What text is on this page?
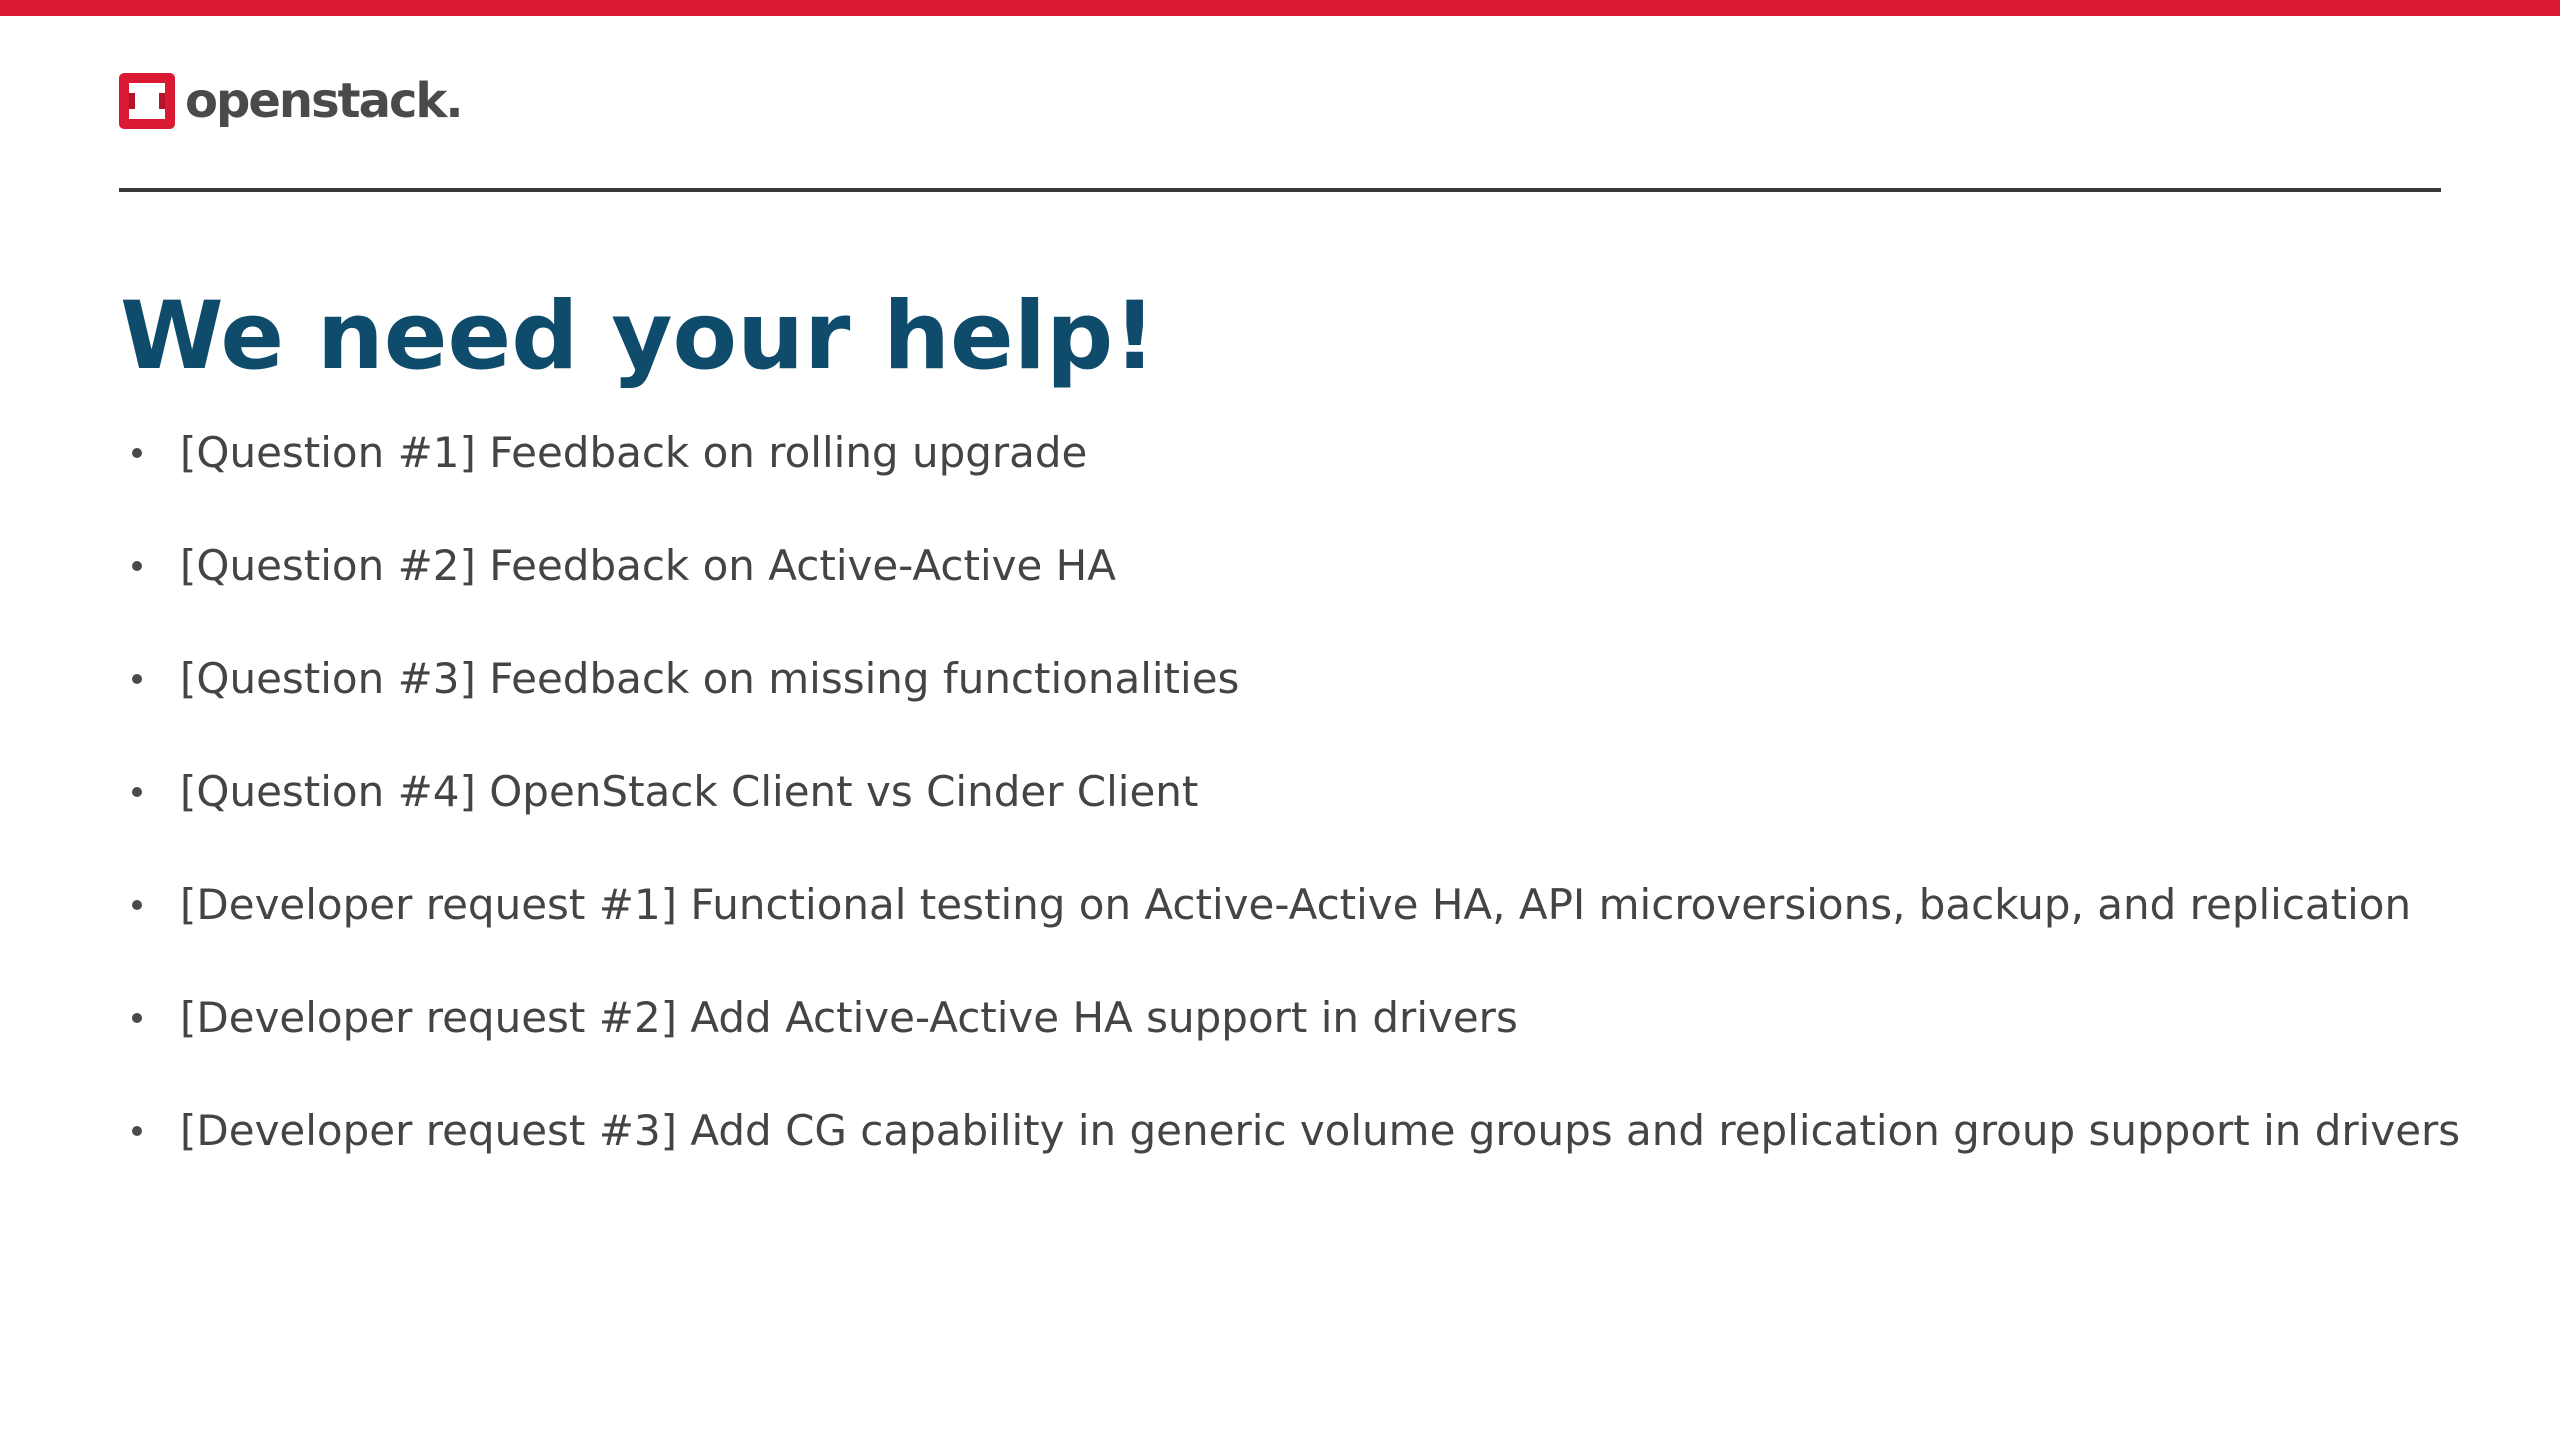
openstack.
We need your help!
[Question #1] Feedback on rolling upgrade
[Question #2] Feedback on Active-Active HA
[Question #3] Feedback on missing functionalities
[Question #4] OpenStack Client vs Cinder Client
[Developer request #1] Functional testing on Active-Active HA, API microversions, backup, and replication
[Developer request #2] Add Active-Active HA support in drivers
[Developer request #3] Add CG capability in generic volume groups and replication group support in drivers
